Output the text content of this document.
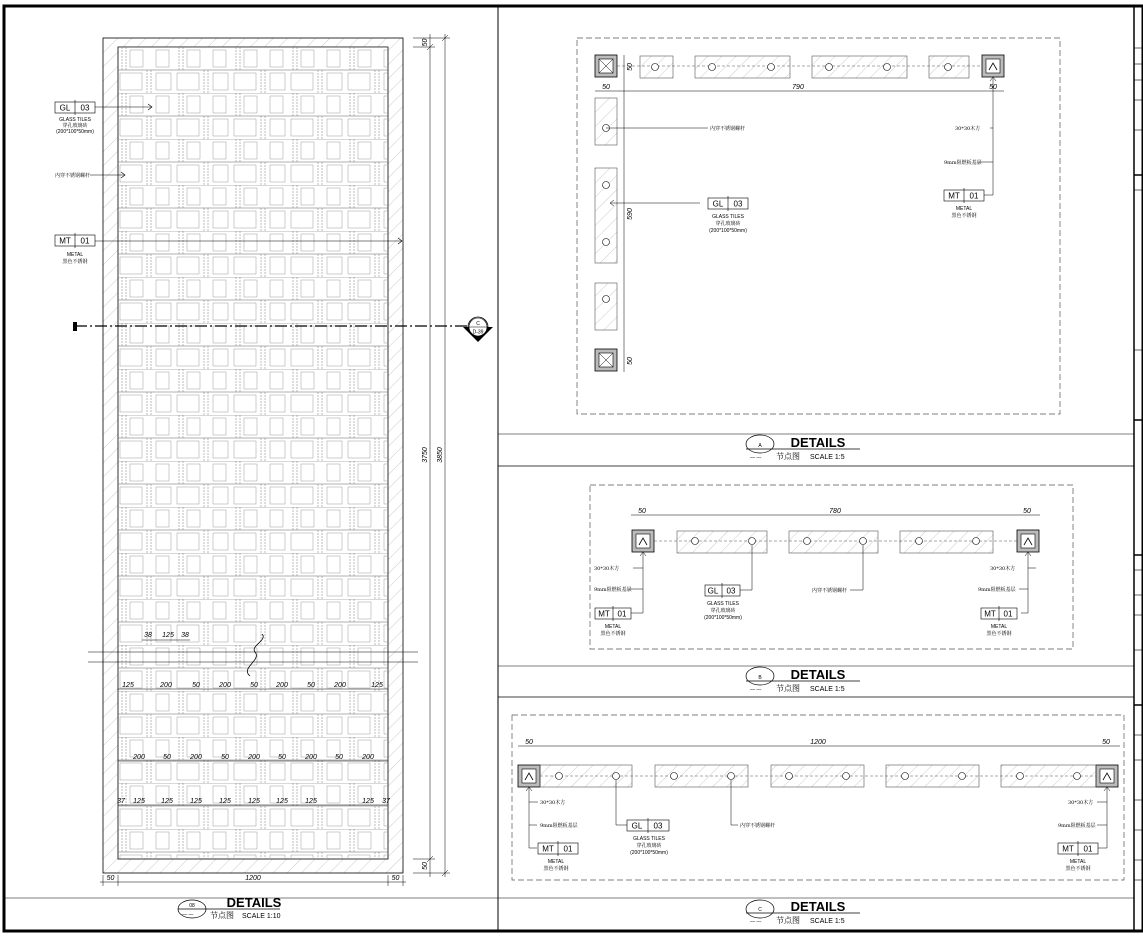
GL 03
GLASS TILES
穿孔玻璃砖
(200*100*50mm)
内穿不锈钢螺杆
MT 01
METAL
黑色不锈钢
C
D-39
50
3750 3850
50
50	1200	50
38 125 38
125	200	50	200	50	200	50	200	125
200	50	200	50	200	50	200	50	200
37 125 125 125 125 125 125 125	125 37
08
— —
DETAILS
节点图 SCALE 1:10
50	790	50
50
590
50
内穿不锈钢螺杆	30*30木方
9mm阻燃板基层
GL 03
GLASS TILES
穿孔玻璃砖
(200*100*50mm)
MT 01
METAL
黑色不锈钢
A
— —
DETAILS
节点图 SCALE 1:5
50	780	50
30*30木方
9mm阻燃板基层	内穿不锈钢螺杆
30*30木方
9mm阻燃板基层
GL 03
GLASS TILES
穿孔玻璃砖
(200*100*50mm)
MT 01
METAL
黑色不锈钢
MT 01
METAL
黑色不锈钢
B
— —
DETAILS
节点图 SCALE 1:5
50	1200	50
30*30木方
9mm阻燃板基层	内穿不锈钢螺杆
30*30木方
9mm阻燃板基层
GL 03
GLASS TILES
穿孔玻璃砖
(200*100*50mm)
MT 01
METAL
黑色不锈钢
MT 01
METAL
黑色不锈钢
C
— —
DETAILS
节点图 SCALE 1:5
